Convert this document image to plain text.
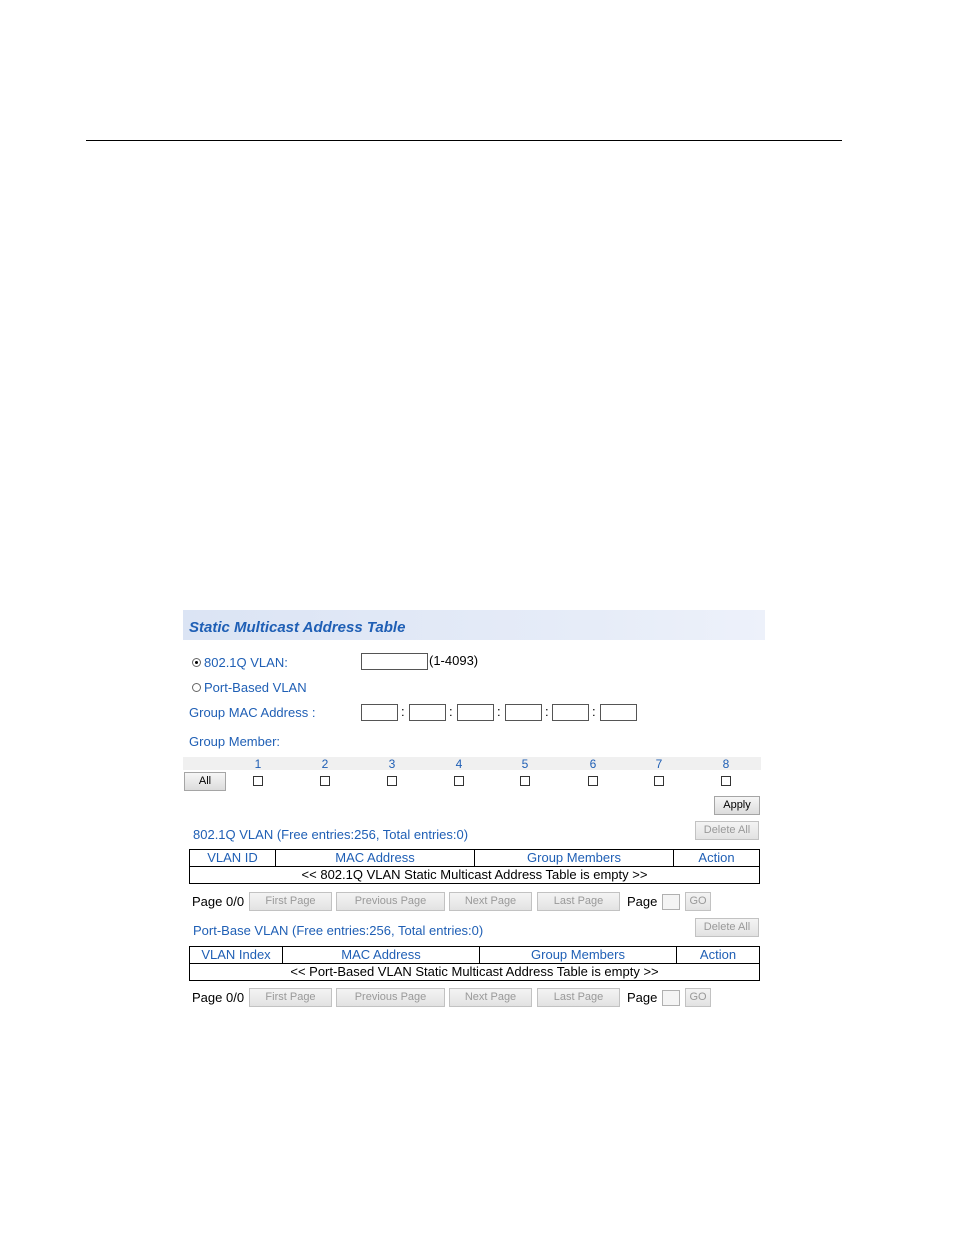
Static Multicast Address Table
802.1Q VLAN:	(1-4093)
Port-Based VLAN
Group MAC Address :	:	:	:	:	:
Group Member:
1	2	3	4	5	6	7	8
All
Apply
802.1Q VLAN (Free entries:256, Total entries:0)	Delete All
VLAN ID	MAC Address	Group Members	Action
<< 802.1Q VLAN Static Multicast Address Table is empty >>
Page 0/0	First Page	Previous Page	Next Page	Last Page	Page	GO
Port-Base VLAN (Free entries:256, Total entries:0)	Delete All
VLAN Index	MAC Address	Group Members	Action
<< Port-Based VLAN Static Multicast Address Table is empty >>
Page 0/0	First Page	Previous Page	Next Page	Last Page	Page	GO
